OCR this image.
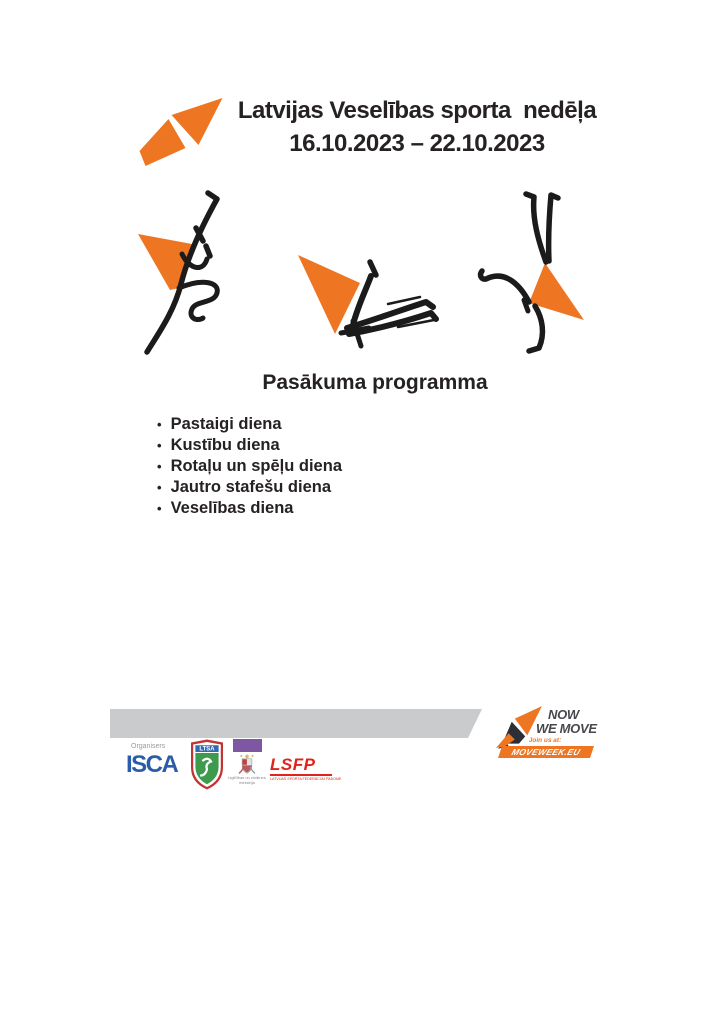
Latvijas Veselības sporta  nedēļa
16.10.2023 – 22.10.2023
Pasākuma programma
• Pastaigi diena
• Kustību diena
• Rotaļu un spēļu diena
• Jautro stafešu diena
• Veselības diena
NOW
WE MOVE
Join us at:
MOVEWEEK.EU
Organisers
ISCA
LTSA
Izglītības un zinātnes ministrija
LSFP
LATVIJAS SPORTA FEDERĀCIJU PADOME
